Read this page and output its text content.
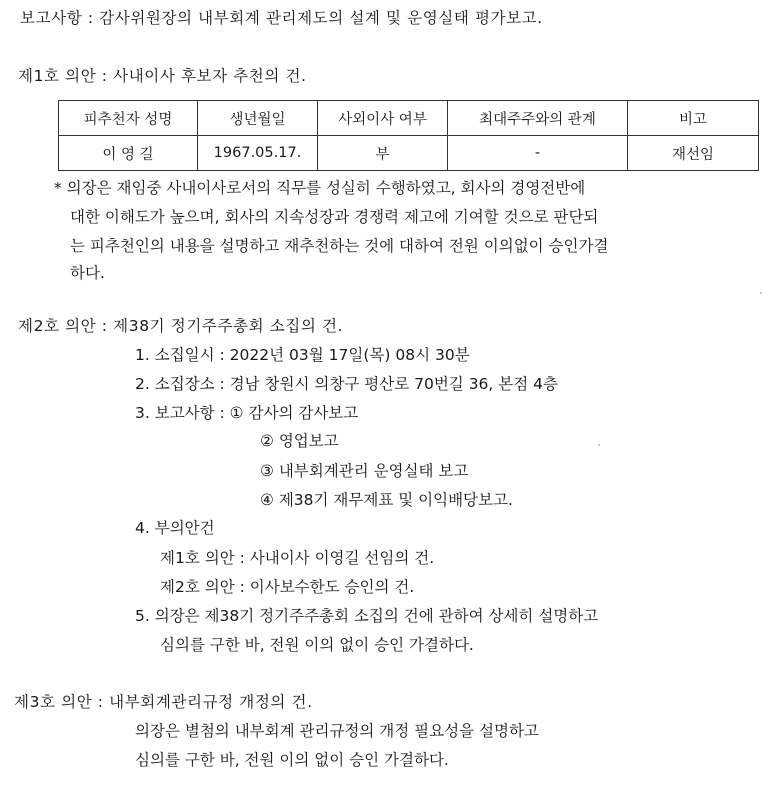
보고사항 : 감사위원장의 내부회계 관리제도의 설계 및 운영실태 평가보고.
제1호 의안 : 사내이사 후보자 추천의 건.
피추천자 성명	생년월일	사외이사 여부	최대주주와의 관계	비고
이 영 길	1967.05.17.	부	-	재선임
* 의장은 재임중 사내이사로서의 직무를 성실히 수행하였고, 회사의 경영전반에
대한 이해도가 높으며, 회사의 지속성장과 경쟁력 제고에 기여할 것으로 판단되
는 피추천인의 내용을 설명하고 재추천하는 것에 대하여 전원 이의없이 승인가결
하다.
제2호 의안 : 제38기 정기주주총회 소집의 건.
1. 소집일시 : 2022년 03월 17일(목) 08시 30분
2. 소집장소 : 경남 창원시 의창구 평산로 70번길 36, 본점 4층
3. 보고사항 : ① 감사의 감사보고
② 영업보고
③ 내부회계관리 운영실태 보고
④ 제38기 재무제표 및 이익배당보고.
4. 부의안건
제1호 의안 : 사내이사 이영길 선임의 건.
제2호 의안 : 이사보수한도 승인의 건.
5. 의장은 제38기 정기주주총회 소집의 건에 관하여 상세히 설명하고
심의를 구한 바, 전원 이의 없이 승인 가결하다.
제3호 의안 : 내부회계관리규정 개정의 건.
의장은 별첨의 내부회계 관리규정의 개정 필요성을 설명하고
심의를 구한 바, 전원 이의 없이 승인 가결하다.
